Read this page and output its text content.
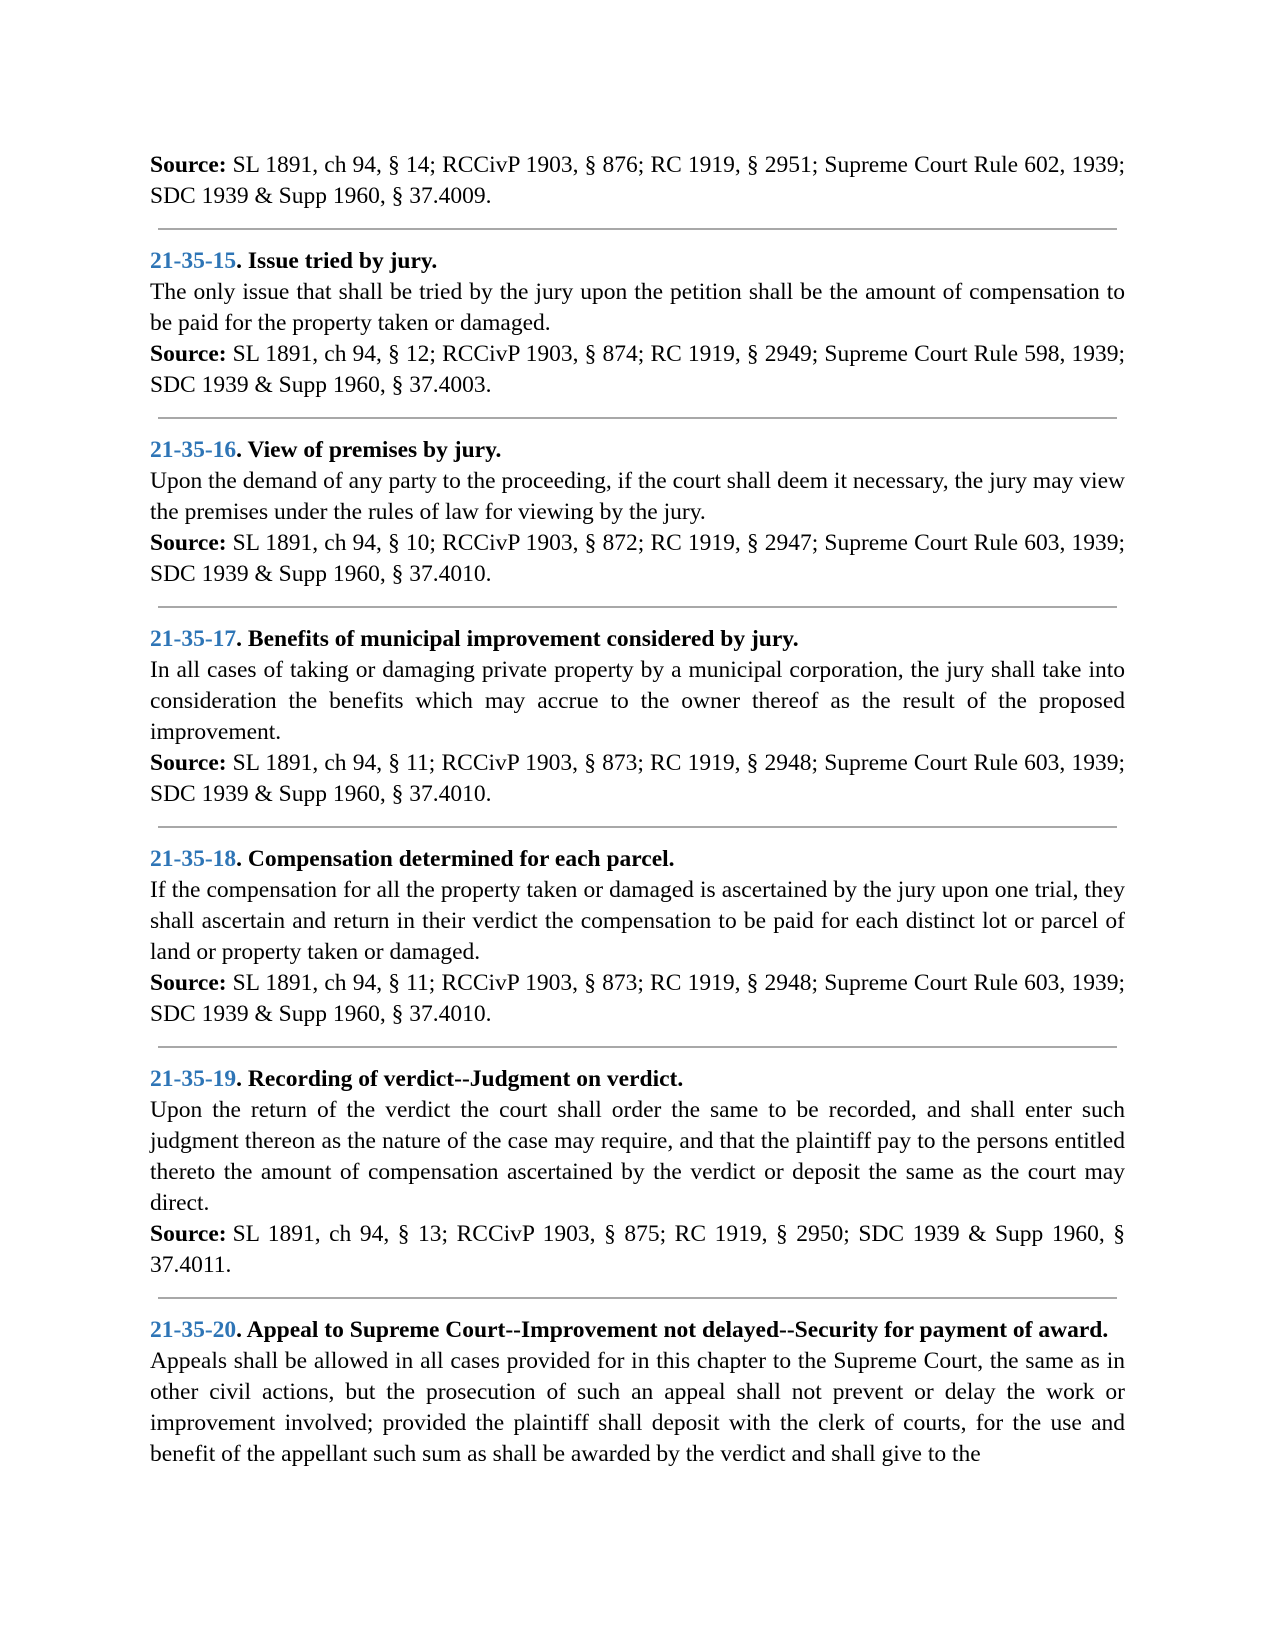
Source: SL 1891, ch 94, § 14; RCCivP 1903, § 876; RC 1919, § 2951; Supreme Court Rule 602, 1939; SDC 1939 & Supp 1960, § 37.4009.

21-35-15. Issue tried by jury.

The only issue that shall be tried by the jury upon the petition shall be the amount of compensation to be paid for the property taken or damaged.

Source: SL 1891, ch 94, § 12; RCCivP 1903, § 874; RC 1919, § 2949; Supreme Court Rule 598, 1939; SDC 1939 & Supp 1960, § 37.4003.

21-35-16. View of premises by jury.

Upon the demand of any party to the proceeding, if the court shall deem it necessary, the jury may view the premises under the rules of law for viewing by the jury.

Source: SL 1891, ch 94, § 10; RCCivP 1903, § 872; RC 1919, § 2947; Supreme Court Rule 603, 1939; SDC 1939 & Supp 1960, § 37.4010.

21-35-17. Benefits of municipal improvement considered by jury.

In all cases of taking or damaging private property by a municipal corporation, the jury shall take into consideration the benefits which may accrue to the owner thereof as the result of the proposed improvement.

Source: SL 1891, ch 94, § 11; RCCivP 1903, § 873; RC 1919, § 2948; Supreme Court Rule 603, 1939; SDC 1939 & Supp 1960, § 37.4010.

21-35-18. Compensation determined for each parcel.

If the compensation for all the property taken or damaged is ascertained by the jury upon one trial, they shall ascertain and return in their verdict the compensation to be paid for each distinct lot or parcel of land or property taken or damaged.

Source: SL 1891, ch 94, § 11; RCCivP 1903, § 873; RC 1919, § 2948; Supreme Court Rule 603, 1939; SDC 1939 & Supp 1960, § 37.4010.

21-35-19. Recording of verdict--Judgment on verdict.

Upon the return of the verdict the court shall order the same to be recorded, and shall enter such judgment thereon as the nature of the case may require, and that the plaintiff pay to the persons entitled thereto the amount of compensation ascertained by the verdict or deposit the same as the court may direct.

Source: SL 1891, ch 94, § 13; RCCivP 1903, § 875; RC 1919, § 2950; SDC 1939 & Supp 1960, § 37.4011.

21-35-20. Appeal to Supreme Court--Improvement not delayed--Security for payment of award.

Appeals shall be allowed in all cases provided for in this chapter to the Supreme Court, the same as in other civil actions, but the prosecution of such an appeal shall not prevent or delay the work or improvement involved; provided the plaintiff shall deposit with the clerk of courts, for the use and benefit of the appellant such sum as shall be awarded by the verdict and shall give to the
